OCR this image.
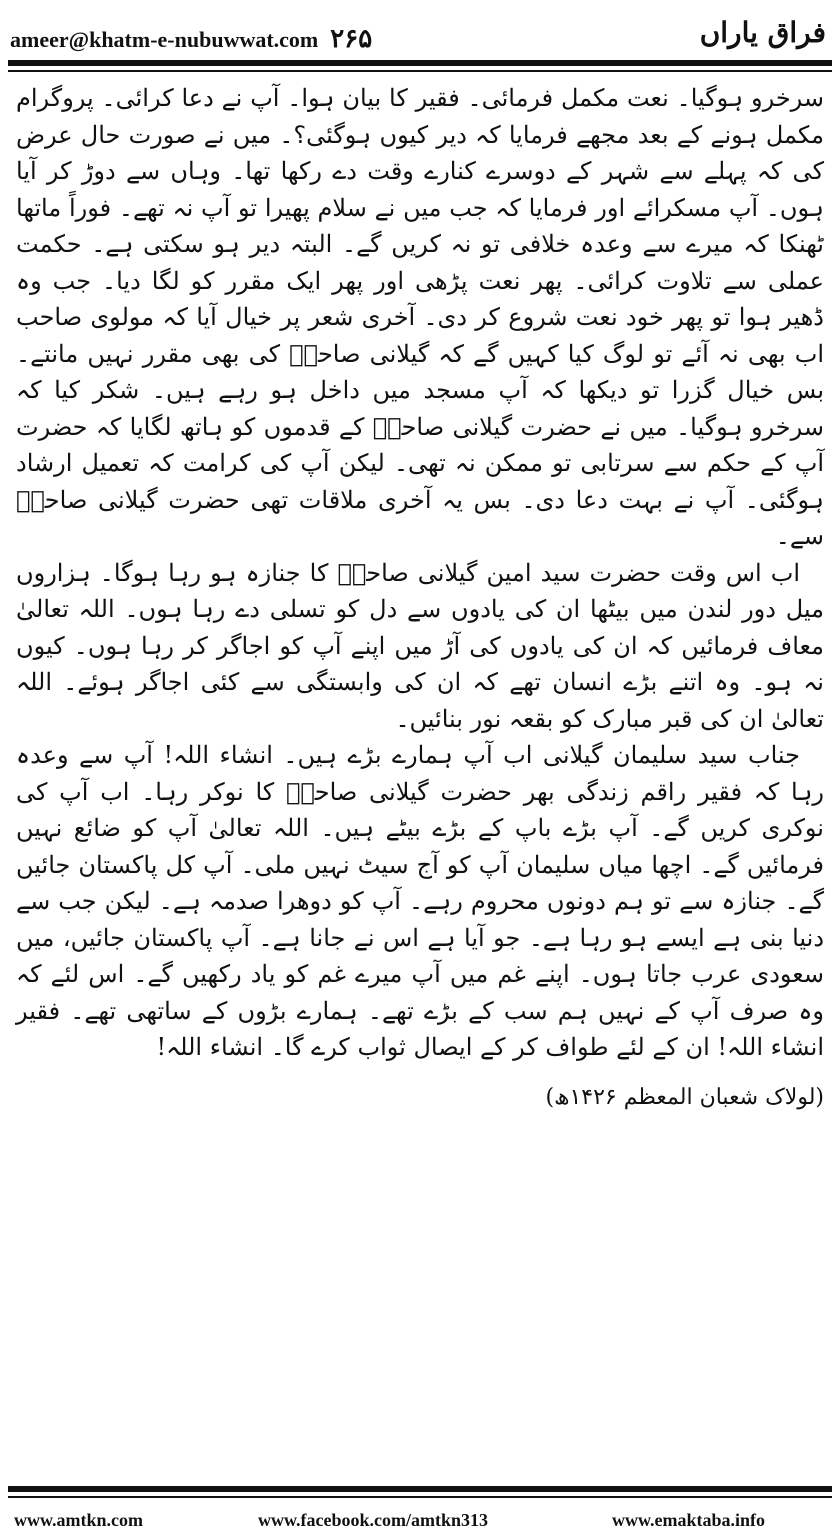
ameer@khatm-e-nubuwwat.com ۲۶۵	فراق یاراں

سرخرو ہوگیا۔ نعت مکمل فرمائی۔ فقیر کا بیان ہوا۔ آپ نے دعا کرائی۔ پروگرام مکمل ہونے کے بعد مجھے فرمایا کہ دیر کیوں ہوگئی؟۔ میں نے صورت حال عرض کی کہ پہلے سے شہر کے دوسرے کنارے وقت دے رکھا تھا۔ وہاں سے دوڑ کر آیا ہوں۔ آپ مسکرائے اور فرمایا کہ جب میں نے سلام پھیرا تو آپ نہ تھے۔ فوراً ماتھا ٹھنکا کہ میرے سے وعدہ خلافی تو نہ کریں گے۔ البتہ دیر ہو سکتی ہے۔ حکمت عملی سے تلاوت کرائی۔ پھر نعت پڑھی اور پھر ایک مقرر کو لگا دیا۔ جب وہ ڈھیر ہوا تو پھر خود نعت شروع کر دی۔ آخری شعر پر خیال آیا کہ مولوی صاحب اب بھی نہ آئے تو لوگ کیا کہیں گے کہ گیلانی صاحبؒ کی بھی مقرر نہیں مانتے۔ بس خیال گزرا تو دیکھا کہ آپ مسجد میں داخل ہو رہے ہیں۔ شکر کیا کہ سرخرو ہوگیا۔ میں نے حضرت گیلانی صاحبؒ کے قدموں کو ہاتھ لگایا کہ حضرت آپ کے حکم سے سرتابی تو ممکن نہ تھی۔ لیکن آپ کی کرامت کہ تعمیل ارشاد ہوگئی۔ آپ نے بہت دعا دی۔ بس یہ آخری ملاقات تھی حضرت گیلانی صاحبؒ سے۔

اب اس وقت حضرت سید امین گیلانی صاحبؒ کا جنازہ ہو رہا ہوگا۔ ہزاروں میل دور لندن میں بیٹھا ان کی یادوں سے دل کو تسلی دے رہا ہوں۔ اللہ تعالیٰ معاف فرمائیں کہ ان کی یادوں کی آڑ میں اپنے آپ کو اجاگر کر رہا ہوں۔ کیوں نہ ہو۔ وہ اتنے بڑے انسان تھے کہ ان کی وابستگی سے کئی اجاگر ہوئے۔ اللہ تعالیٰ ان کی قبر مبارک کو بقعہ نور بنائیں۔

جناب سید سلیمان گیلانی اب آپ ہمارے بڑے ہیں۔ انشاء اللہ! آپ سے وعدہ رہا کہ فقیر راقم زندگی بھر حضرت گیلانی صاحبؒ کا نوکر رہا۔ اب آپ کی نوکری کریں گے۔ آپ بڑے باپ کے بڑے بیٹے ہیں۔ اللہ تعالیٰ آپ کو ضائع نہیں فرمائیں گے۔ اچھا میاں سلیمان آپ کو آج سیٹ نہیں ملی۔ آپ کل پاکستان جائیں گے۔ جنازہ سے تو ہم دونوں محروم رہے۔ آپ کو دوھرا صدمہ ہے۔ لیکن جب سے دنیا بنی ہے ایسے ہو رہا ہے۔ جو آیا ہے اس نے جانا ہے۔ آپ پاکستان جائیں، میں سعودی عرب جاتا ہوں۔ اپنے غم میں آپ میرے غم کو یاد رکھیں گے۔ اس لئے کہ وہ صرف آپ کے نہیں ہم سب کے بڑے تھے۔ ہمارے بڑوں کے ساتھی تھے۔ فقیر انشاء اللہ! ان کے لئے طواف کر کے ایصال ثواب کرے گا۔ انشاء اللہ!

(لولاک شعبان المعظم ۱۴۲۶ھ)

www.amtkn.com	www.facebook.com/amtkn313	www.emaktaba.info
